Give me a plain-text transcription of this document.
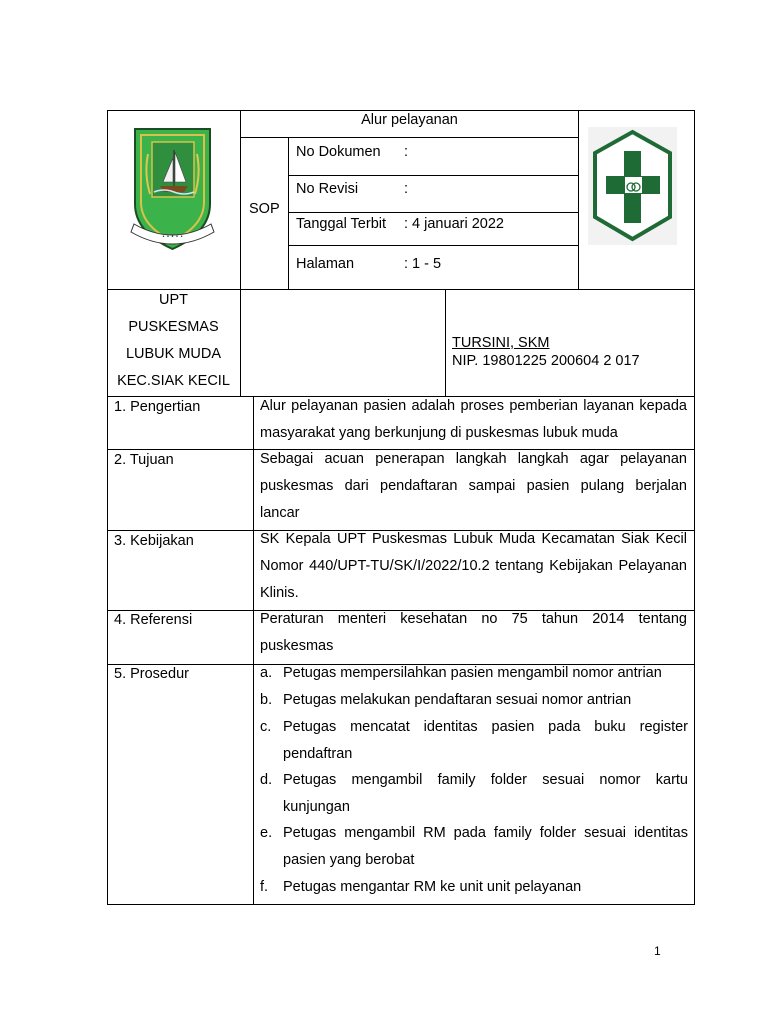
• • • • •
Alur pelayanan
SOP
No Dokumen :
No Revisi	:
Tanggal Terbit : 4 januari 2022
Halaman	: 1 - 5
UPT
PUSKESMAS
LUBUK MUDA
KEC.SIAK KECIL
TURSINI, SKM
NIP. 19801225 200604 2 017
1. Pengertian
2. Tujuan
3. Kebijakan
4. Referensi
5. Prosedur
Alur pelayanan pasien adalah proses pemberian layanan kepada masyarakat yang berkunjung di puskesmas lubuk muda
Sebagai acuan penerapan langkah langkah agar pelayanan puskesmas dari pendaftaran sampai pasien pulang berjalan lancar
SK Kepala UPT Puskesmas Lubuk Muda Kecamatan Siak Kecil Nomor 440/UPT-TU/SK/I/2022/10.2 tentang Kebijakan Pelayanan Klinis.
Peraturan menteri kesehatan no 75 tahun 2014 tentang puskesmas
a. Petugas mempersilahkan pasien mengambil nomor antrian
b. Petugas melakukan pendaftaran sesuai nomor antrian
c. Petugas mencatat identitas pasien pada buku register pendaftran
d. Petugas mengambil family folder sesuai nomor kartu kunjungan
e. Petugas mengambil RM pada family folder sesuai identitas pasien yang berobat
f. Petugas mengantar RM ke unit unit pelayanan
1
